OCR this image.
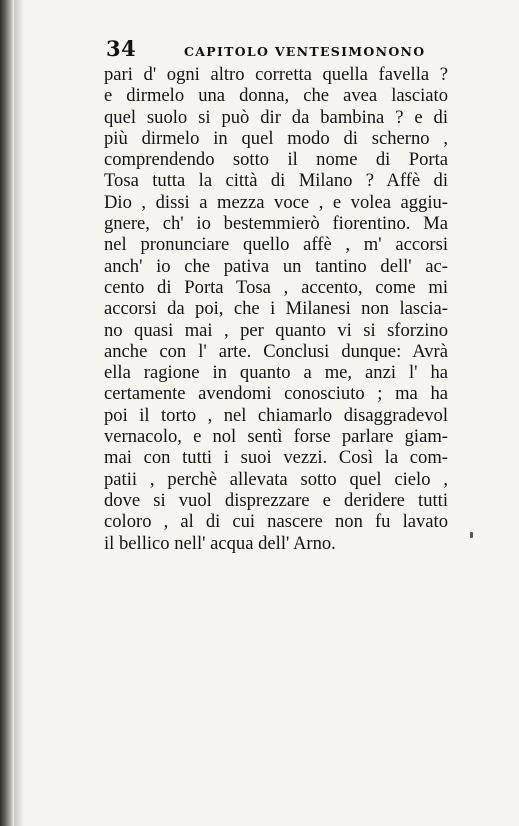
34	CAPITOLO VENTESIMONONO
pari d' ogni altro corretta quella favella ?
e dirmelo una donna, che avea lasciato
quel suolo si può dir da bambina ? e di
più dirmelo in quel modo di scherno ,
comprendendo sotto il nome di Porta
Tosa tutta la città di Milano ? Affè di
Dio , dissi a mezza voce , e volea aggiu-
gnere, ch' io bestemmierò fiorentino. Ma
nel pronunciare quello affè , m' accorsi
anch' io che pativa un tantino dell' ac-
cento di Porta Tosa , accento, come mi
accorsi da poi, che i Milanesi non lascia-
no quasi mai , per quanto vi si sforzino
anche con l' arte. Conclusi dunque: Avrà
ella ragione in quanto a me, anzi l' ha
certamente avendomi conosciuto ; ma ha
poi il torto , nel chiamarlo disaggradevol
vernacolo, e nol sentì forse parlare giam-
mai con tutti i suoi vezzi. Così la com-
patii , perchè allevata sotto quel cielo ,
dove si vuol disprezzare e deridere tutti
coloro , al di cui nascere non fu lavato
il bellico nell' acqua dell' Arno.
